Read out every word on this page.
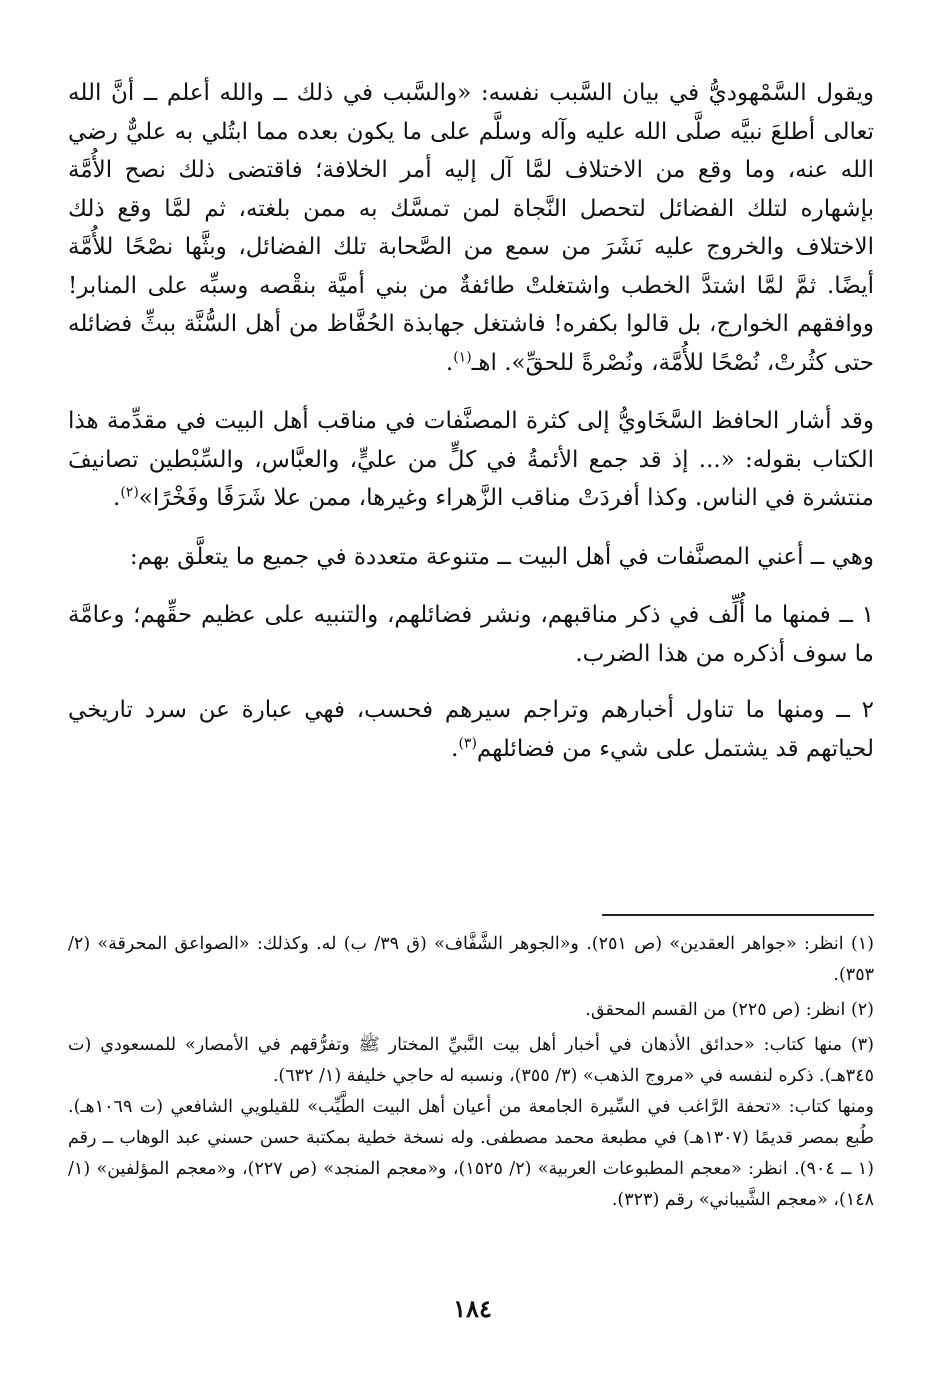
ويقول السَّمْهوديُّ في بيان السَّبب نفسه: «والسَّبب في ذلك ــ والله أعلم ــ أنَّ الله تعالى أطلعَ نبيَّه صلَّى الله عليه وآله وسلَّم على ما يكون بعده مما ابتُلي به عليٌّ رضي الله عنه، وما وقع من الاختلاف لمَّا آل إليه أمر الخلافة؛ فاقتضى ذلك نصح الأُمَّة بإشهاره لتلك الفضائل لتحصل النَّجاة لمن تمسَّك به ممن بلغته، ثم لمَّا وقع ذلك الاختلاف والخروج عليه نَشَرَ من سمع من الصَّحابة تلك الفضائل، وبثَّها نصْحًا للأُمَّة أيضًا. ثمَّ لمَّا اشتدَّ الخطب واشتغلتْ طائفةٌ من بني أميَّة بنقْصه وسبِّه على المنابر! ووافقهم الخوارج، بل قالوا بكفره! فاشتغل جهابذة الحُفَّاظ من أهل السُّنَّة ببثِّ فضائله حتى كثُرتْ، نُصْحًا للأُمَّة، ونُصْرةً للحقِّ». اهـ$^{(١)}$.

وقد أشار الحافظ السَّخَاويُّ إلى كثرة المصنَّفات في مناقب أهل البيت في مقدِّمة هذا الكتاب بقوله: «... إذ قد جمع الأئمةُ في كلٍّ من عليٍّ، والعبَّاس، والسِّبْطين تصانيفَ منتشرة في الناس. وكذا أفردَتْ مناقب الزَّهراء وغيرها، ممن علا شَرَفًا وفَخْرًا»$^{(٢)}$.

وهي ــ أعني المصنَّفات في أهل البيت ــ متنوعة متعددة في جميع ما يتعلَّق بهم:

١ ــ فمنها ما أُلِّف في ذكر مناقبهم، ونشر فضائلهم، والتنبيه على عظيم حقِّهم؛ وعامَّة ما سوف أذكره من هذا الضرب.

٢ ــ ومنها ما تناول أخبارهم وتراجم سيرهم فحسب، فهي عبارة عن سرد تاريخي لحياتهم قد يشتمل على شيء من فضائلهم$^{(٣)}$.

(١) انظر: «جواهر العقدين» (ص ٢٥١). و«الجوهر الشَّفَّاف» (ق ٣٩/ ب) له. وكذلك: «الصواعق المحرقة» (٢/ ٣٥٣).

(٢) انظر: (ص ٢٢٥) من القسم المحقق.

(٣) منها كتاب: «حدائق الأذهان في أخبار أهل بيت النَّبيِّ المختار ﷺ وتفرُّقهم في الأمصار» للمسعودي (ت ٣٤٥هـ). ذكره لنفسه في «مروج الذهب» (٣/ ٣٥٥)، ونسبه له حاجي خليفة (١/ ٦٣٢).

ومنها كتاب: «تحفة الرَّاغب في السِّيرة الجامعة من أعيان أهل البيت الطَّيِّب» للقيلويي الشافعي (ت ١٠٦٩هـ). طُبع بمصر قديمًا (١٣٠٧هـ) في مطبعة محمد مصطفى. وله نسخة خطية بمكتبة حسن حسني عبد الوهاب ــ رقم (١ ــ ٩٠٤). انظر: «معجم المطبوعات العربية» (٢/ ١٥٢٥)، و«معجم المنجد» (ص ٢٢٧)، و«معجم المؤلفين» (١/ ١٤٨)، «معجم الشَّيباني» رقم (٣٢٣).

١٨٤
